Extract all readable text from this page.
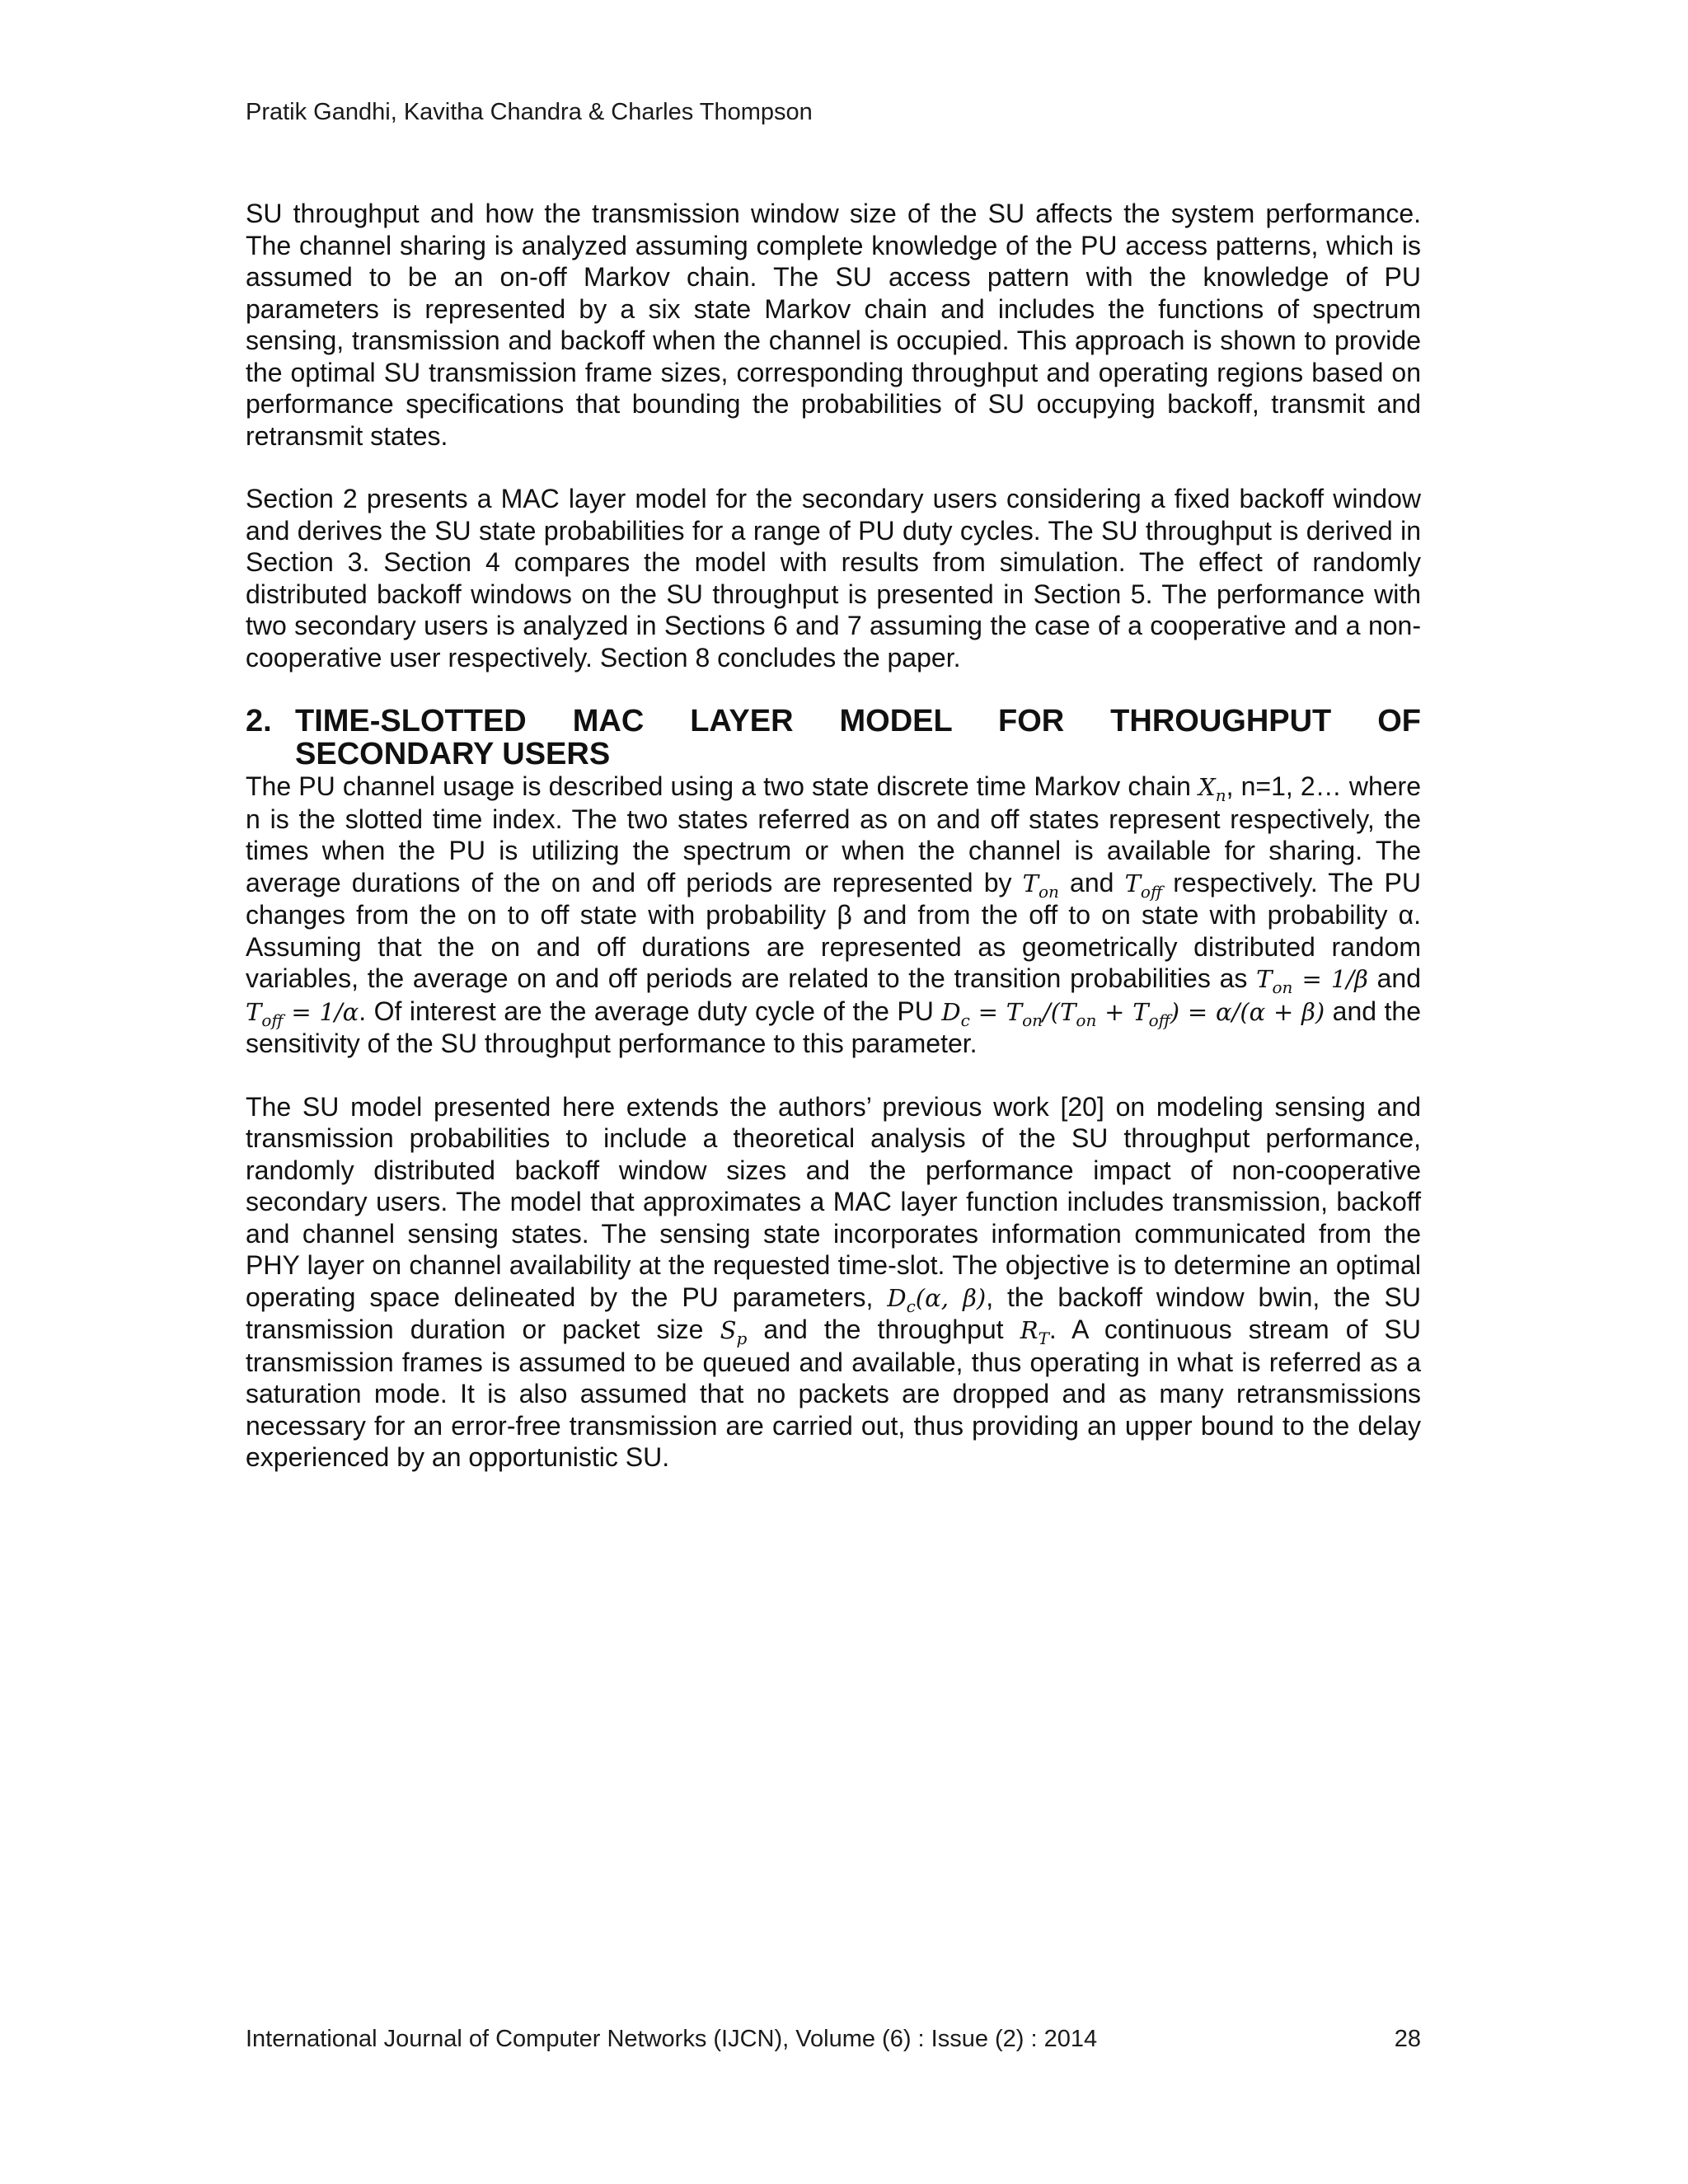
Pratik Gandhi, Kavitha Chandra & Charles Thompson

SU throughput and how the transmission window size of the SU affects the system performance. The channel sharing is analyzed assuming complete knowledge of the PU access patterns, which is assumed to be an on-off Markov chain. The SU access pattern with the knowledge of PU parameters is represented by a six state Markov chain and includes the functions of spectrum sensing, transmission and backoff when the channel is occupied. This approach is shown to provide the optimal SU transmission frame sizes, corresponding throughput and operating regions based on performance specifications that bounding the probabilities of SU occupying backoff, transmit and retransmit states.

Section 2 presents a MAC layer model for the secondary users considering a fixed backoff window and derives the SU state probabilities for a range of PU duty cycles. The SU throughput is derived in Section 3. Section 4 compares the model with results from simulation. The effect of randomly distributed backoff windows on the SU throughput is presented in Section 5. The performance with two secondary users is analyzed in Sections 6 and 7 assuming the case of a cooperative and a non-cooperative user respectively. Section 8 concludes the paper.

2. TIME-SLOTTED MAC LAYER MODEL FOR THROUGHPUT OF
SECONDARY USERS

The PU channel usage is described using a two state discrete time Markov chain $X_n$, n=1, 2… where n is the slotted time index. The two states referred as on and off states represent respectively, the times when the PU is utilizing the spectrum or when the channel is available for sharing. The average durations of the on and off periods are represented by $T_{on}$ and $T_{off}$ respectively. The PU changes from the on to off state with probability β and from the off to on state with probability α. Assuming that the on and off durations are represented as geometrically distributed random variables, the average on and off periods are related to the transition probabilities as $T_{on} = 1/\beta$ and $T_{off} = 1/\alpha$. Of interest are the average duty cycle of the PU $D_c = T_{on}/(T_{on} + T_{off}) = \alpha/(\alpha + \beta)$ and the sensitivity of the SU throughput performance to this parameter.

The SU model presented here extends the authors’ previous work [20] on modeling sensing and transmission probabilities to include a theoretical analysis of the SU throughput performance, randomly distributed backoff window sizes and the performance impact of non-cooperative secondary users. The model that approximates a MAC layer function includes transmission, backoff and channel sensing states. The sensing state incorporates information communicated from the PHY layer on channel availability at the requested time-slot. The objective is to determine an optimal operating space delineated by the PU parameters, $D_c(\alpha$, β), the backoff window bwin, the SU transmission duration or packet size $S_p$ and the throughput $R_T$. A continuous stream of SU transmission frames is assumed to be queued and available, thus operating in what is referred as a saturation mode. It is also assumed that no packets are dropped and as many retransmissions necessary for an error-free transmission are carried out, thus providing an upper bound to the delay experienced by an opportunistic SU.

International Journal of Computer Networks (IJCN), Volume (6) : Issue (2) : 2014	28
